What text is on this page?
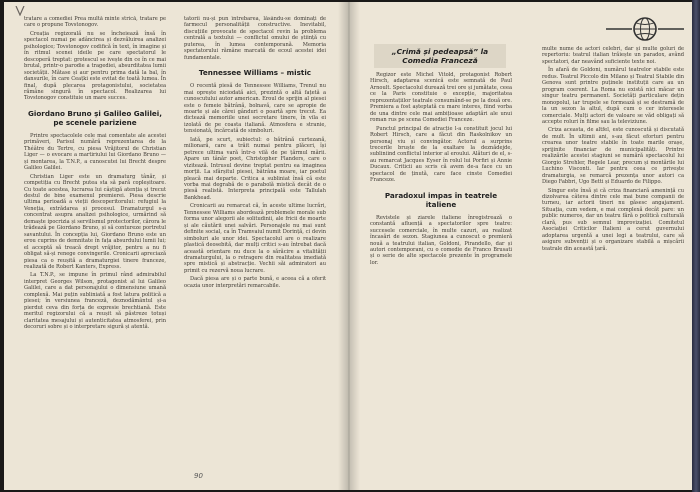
tratare a comediei Prea multă minte strică, tratare pe care o propune Tovstonogov.

Creația regizorală nu se încheiează însă în spectacol numai pe adâncirea și dezvăluirea analizei psihologice; Tovstonogov codifică în text, în imagine și în ritmul scenei ideile pe care spectatorul le descoperă treptat: grotescul se ivește din ce în ce mai brutal, printr-o parodie a tragediei, absurditatea lumii societății. Mătase și aur pentru prima dată la bal, în dansurile, în care Ceațki este evitat de toată lumea. În final, după plecarea protagonistului, societatea rămâne singură în spectacol. Realizarea lui Tovstonogov constituie un mare succes.

Giordano Bruno și Galileo Galilei, pe scenele pariziene

Printre spectacolele cele mai comentate ale acestei primăveri, Parisul numără reprezentarea de la Théâtre du Tertre, cu piesa Vrăjitorul de Christian Liger — o evocare a martiriului lui Giordano Bruno — și montarea, la T.N.P., a cunoscutei lui Brecht despre Galileo Galilei.

Christian Liger este un dramaturg tânăr, și competiția cu Brecht putea sta să pară copleșitoare. Cu toate acestea, lucrarea lui câștigă atenția și trecut destul de bine examenul premierei. Piesa descrie ultima perioadă a vieții descoperitorului: refugiul la Veneția, extrădarea și procesul. Dramaturgul s-a concentrat asupra analizei psihologice, urmărind să demaște ipocrizia și servilismul protectorilor, cărora le trădează pe Giordano Bruno, și să contureze portretul savantului. În concepția lui, Giordano Bruno este un erou cuprins de demnitate în fața absurdului lumii lui; el acceptă să treacă drept vrăjitor, pentru a nu fi obligat să-și renege convingerile. Cronicarii apreciază piesa ca o reușită a dramaturgiei tinere franceze, realizată de Robert Kanters, Express.

La T.N.P., se impune în primul rând admirabilul interpret Georges Wilson, protagonist al lui Galileo Galilei, care a dat personajului o dimensiune umană complexă. Mai puțin subliniată a fost latura politică a piesei; în versiunea franceză, deznodământul și-a pierdut ceva din forța de expresie brechtiană. Este meritul regizorului că a reușit să păstreze totuși claritatea mesajului și autenticitatea atmosferei, prin decoruri sobre și o interpretare sigură și atentă.

tatorii nu-și pun întrebarea, lăsându-se dominați de farmecul personalității constructive. Inevitabil, discuțiile provocate de spectacol revin la problema centrală a textului — conflictul omului de știință cu puterea, în lumea contemporană. Memoria spectatorului rămâne marcată de ecoul acestei idei fundamentale.

Tennessee Williams – mistic

O recentă piesă de Tennessee Williams, Trenul nu mai oprește niciodată aici, prezintă o altă fațetă a cunoscutului autor american. Eroul de sprijin al piesei este o femeie bătrână, bolnavă, care se apropie de moarte și ale cărei gânduri o poartă spre trecut. Ea dictează memoriile unei secretare tinere, în vila ei izolată de pe coasta italiană. Atmosfera e stranie, tensionată, încărcată de simboluri.

Iată, pe scurt, subiectul: o bătrână curtezană, milionară, care a trăit numai pentru plăceri, își petrece ultima vară într-o vilă de pe țărmul mării. Apare un tânăr poet, Christopher Flanders, care o vizitează. Intrusul devine treptat pentru ea imaginea morții. La sfârșitul piesei, bătrâna moare, iar poetul pleacă mai departe. Critica a subliniat însă că este vorba mai degrabă de o parabolă mistică decât de o piesă realistă. Interpreta principală este Tallulah Bankhead.

Cronicarii au remarcat că, în aceste ultime lucrări, Tennessee Williams abordează problemele morale sub forma unor alegorii ale solitudinii, ale fricii de moarte și ale căutării unei salvări. Personajele nu mai sunt definite social, ca în Tramvaiul numit Dorință, ci devin simboluri ale unor idei. Spectacolul are o realizare plastică deosebită, dar mulți critici s-au întrebat dacă această orientare nu duce la o sărăcire a vitalității dramaturgului, la o retragere din realitatea imediată spre mistică și abstracție. Vechii săi admiratori au primit cu rezervă noua lucrare.

Dacă piesa are și o parte bună, e aceea că a oferit ocazia unor interpretări remarcabile.

90
„Crimă și pedeapsă” la Comedia Franceză

Regizor este Michel Vitold, protagonist Robert Hirsch, adaptarea scenică este semnată de Paul Arnoult. Spectacolul durează trei ore și jumătate, ceea ce la Paris constituie o excepție, majoritatea reprezentațiilor teatrale consumând-se pe la două ore. Premiera a fost așteptată cu mare interes, fiind vorba de una dintre cele mai ambițioase adaptări ale unui roman rus pe scena Comediei Franceze.

Punctul principal de atracție l-a constituit jocul lui Robert Hirsch, care a făcut din Raskolnikov un personaj viu și convingător. Actorul a surprins trecerile bruște de la exaltare la deznădejde, subliniind conflictul interior al eroului. Alături de el, s-au remarcat Jacques Eyser în rolul lui Porfiri și Annie Ducaux. Criticii au scris că avem de-a face cu un spectacol de ținută, care face cinste Comediei Franceze.

Paradoxul impas în teatrele italiene

Revistele și ziarele italiene înregistrează o constantă afluență a spectatorilor spre teatre: succesele comerciale, în multe cazuri, au realizat încasări de sezon. Stagiunea a cunoscut o premieră nouă a teatrului italian, Goldoni, Pirandello, dar și autori contemporani, cu o comedie de Franco Brusati și o serie de alte spectacole prezente în programele lor.

multe nume de actori celebri, dar și multe goluri de repertoriu: teatrul italian trăiește un paradox, având spectatori, dar neavând suficiente texte noi.

În afară de Goldoni, numărul teatrelor stabile este redus. Teatrul Piccolo din Milano și Teatrul Stabile din Genova sunt printre puținele instituții care au un program coerent. La Roma nu există nici măcar un singur teatru permanent. Societăți particulare dețin monopolul, iar trupele se formează și se destramă de la un sezon la altul, după cum o cer interesele comerciale. Mulți actori de valoare se văd obligați să accepte roluri în filme sau la televiziune.

Criza aceasta, de altfel, este cunoscută și discutată de mult. În ultimii ani, s-au făcut eforturi pentru crearea unor teatre stabile în toate marile orașe, sprijinite financiar de municipalități. Printre realizările acestei stagiuni se numără spectacolul lui Giorgio Strehler, Regele Lear, precum și montările lui Luchino Visconti. Iar pentru ceea ce privește dramaturgia, se remarcă prezența unor autori ca Diego Fabbri, Ugo Betti și Eduardo de Filippo.

Singur este însă și că criza financiară amenință cu dizolvarea câteva dintre cele mai bune companii de turneu, iar actorii tineri nu găsesc angajament. Situația, cum vedem, e mai complexă decât pare: un public numeros, dar un teatru fără o politică culturală clară, pus sub semnul improvizației. Comitetul Asociației Criticilor Italieni a cerut guvernului adoptarea urgentă a unei legi a teatrului, care să asigure subvenții și o organizare stabilă a mișcării teatrale din această țară.
